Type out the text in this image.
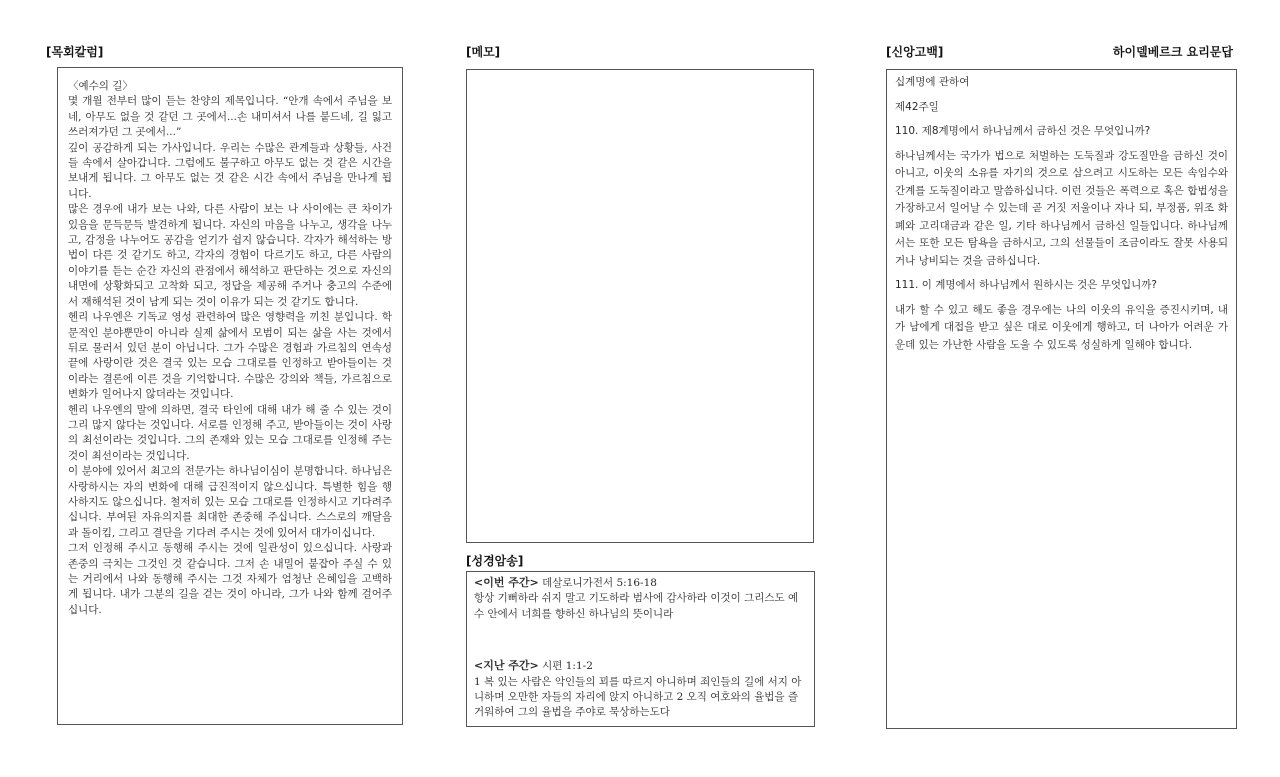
[목회칼럼]	[메모]
[성경암송]
[신앙고백]	하이델베르크 요리문답

〈예수의 길〉

몇 개월 전부터 많이 듣는 찬양의 제목입니다. “안개 속에서 주님을 보네, 아무도 없을 것 같던 그 곳에서...손 내미셔서 나를 붙드네, 길 잃고 쓰러져가던 그 곳에서...”

깊이 공감하게 되는 가사입니다. 우리는 수많은 관계들과 상황들, 사건들 속에서 살아갑니다. 그럼에도 불구하고 아무도 없는 것 같은 시간을 보내게 됩니다. 그 아무도 없는 것 같은 시간 속에서 주님을 만나게 됩니다.

많은 경우에 내가 보는 나와, 다른 사람이 보는 나 사이에는 큰 차이가 있음을 문득문득 발견하게 됩니다. 자신의 마음을 나누고, 생각을 나누고, 감정을 나누어도 공감을 얻기가 쉽지 않습니다. 각자가 해석하는 방법이 다른 것 같기도 하고, 각자의 경험이 다르기도 하고, 다른 사람의 이야기를 듣는 순간 자신의 관점에서 해석하고 판단하는 것으로 자신의 내면에 상황화되고 고착화 되고, 정답을 제공해 주거나 충고의 수준에서 재해석된 것이 남게 되는 것이 이유가 되는 것 같기도 합니다.

헨리 나우엔은 기독교 영성 관련하여 많은 영향력을 끼친 분입니다. 학문적인 분야뿐만이 아니라 실제 삶에서 모범이 되는 삶을 사는 것에서 뒤로 물러서 있던 분이 아닙니다. 그가 수많은 경험과 가르침의 연속성 끝에 사랑이란 것은 결국 있는 모습 그대로를 인정하고 받아들이는 것이라는 결론에 이른 것을 기억합니다. 수많은 강의와 책들, 가르침으로 변화가 일어나지 않더라는 것입니다.

헨리 나우엔의 말에 의하면, 결국 타인에 대해 내가 해 줄 수 있는 것이 그리 많지 않다는 것입니다. 서로를 인정해 주고, 받아들이는 것이 사랑의 최선이라는 것입니다. 그의 존재와 있는 모습 그대로를 인정해 주는 것이 최선이라는 것입니다.

이 분야에 있어서 최고의 전문가는 하나님이심이 분명합니다. 하나님은 사랑하시는 자의 변화에 대해 급진적이지 않으십니다. 특별한 힘을 행사하지도 않으십니다. 철저히 있는 모습 그대로를 인정하시고 기다려주십니다. 부여된 자유의지를 최대한 존중해 주십니다. 스스로의 깨달음과 돌이킴, 그리고 결단을 기다려 주시는 것에 있어서 대가이십니다.

그저 인정해 주시고 동행해 주시는 것에 일관성이 있으십니다. 사랑과 존중의 극치는 그것인 것 같습니다. 그저 손 내밀어 붙잡아 주실 수 있는 거리에서 나와 동행해 주시는 그것 자체가 엄청난 은혜임을 고백하게 됩니다. 내가 그분의 길을 걷는 것이 아니라, 그가 나와 함께 걸어주십니다.

<이번 주간> 데살로니가전서 5:16-18

항상 기뻐하라 쉬지 말고 기도하라 범사에 감사하라 이것이 그리스도 예수 안에서 너희를 향하신 하나님의 뜻이니라

<지난 주간> 시편 1:1-2

1 복 있는 사람은 악인들의 꾀를 따르지 아니하며 죄인들의 길에 서지 아니하며 오만한 자들의 자리에 앉지 아니하고 2 오직 여호와의 율법을 즐거워하여 그의 율법을 주야로 묵상하는도다

십계명에 관하여

제42주일

110. 제8계명에서 하나님께서 금하신 것은 무엇입니까?

하나님께서는 국가가 법으로 처벌하는 도둑질과 강도질만을 금하신 것이 아니고, 이웃의 소유를 자기의 것으로 삼으려고 시도하는 모든 속임수와 간계를 도둑질이라고 말씀하십니다. 이런 것들은 폭력으로 혹은 합법성을 가장하고서 일어날 수 있는데 곧 거짓 저울이나 자나 되, 부정품, 위조 화폐와 고리대금과 같은 일, 기타 하나님께서 금하신 일들입니다. 하나님께서는 또한 모든 탐욕을 금하시고, 그의 선물들이 조금이라도 잘못 사용되거나 낭비되는 것을 금하십니다.

111. 이 계명에서 하나님께서 원하시는 것은 무엇입니까?

내가 할 수 있고 해도 좋을 경우에는 나의 이웃의 유익을 증진시키며, 내가 남에게 대접을 받고 싶은 대로 이웃에게 행하고, 더 나아가 어려운 가운데 있는 가난한 사람을 도울 수 있도록 성실하게 일해야 합니다.
